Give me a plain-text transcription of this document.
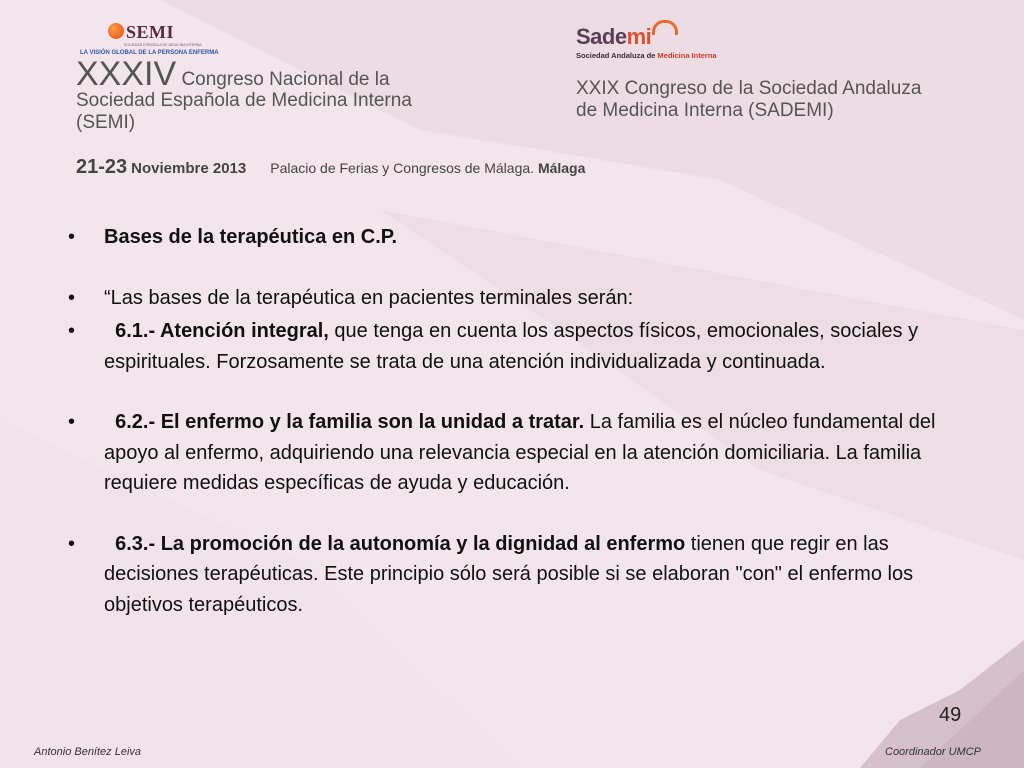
SEMI
SOCIEDAD ESPAÑOLA DE MEDICINA INTERNA
LA VISIÓN GLOBAL DE LA PERSONA ENFERMA
Sademi
Sociedad Andaluza de Medicina Interna
XXXIV Congreso Nacional de la
Sociedad Española de Medicina Interna
(SEMI)
XXIX Congreso de la Sociedad Andaluza
de Medicina Interna (SADEMI)
21-23 Noviembre 2013 Palacio de Ferias y Congresos de Málaga. Málaga
• Bases de la terapéutica en C.P.
• “Las bases de la terapéutica en pacientes terminales serán:
• 6.1.- Atención integral, que tenga en cuenta los aspectos físicos, emocionales, sociales y espirituales. Forzosamente se trata de una atención individualizada y continuada.
• 6.2.- El enfermo y la familia son la unidad a tratar. La familia es el núcleo fundamental del apoyo al enfermo, adquiriendo una relevancia especial en la atención domiciliaria. La familia requiere medidas específicas de ayuda y educación.
• 6.3.- La promoción de la autonomía y la dignidad al enfermo tienen que regir en las decisiones terapéuticas. Este principio sólo será posible si se elaboran "con" el enfermo los objetivos terapéuticos.
49
Antonio Benítez Leiva	Coordinador UMCP
